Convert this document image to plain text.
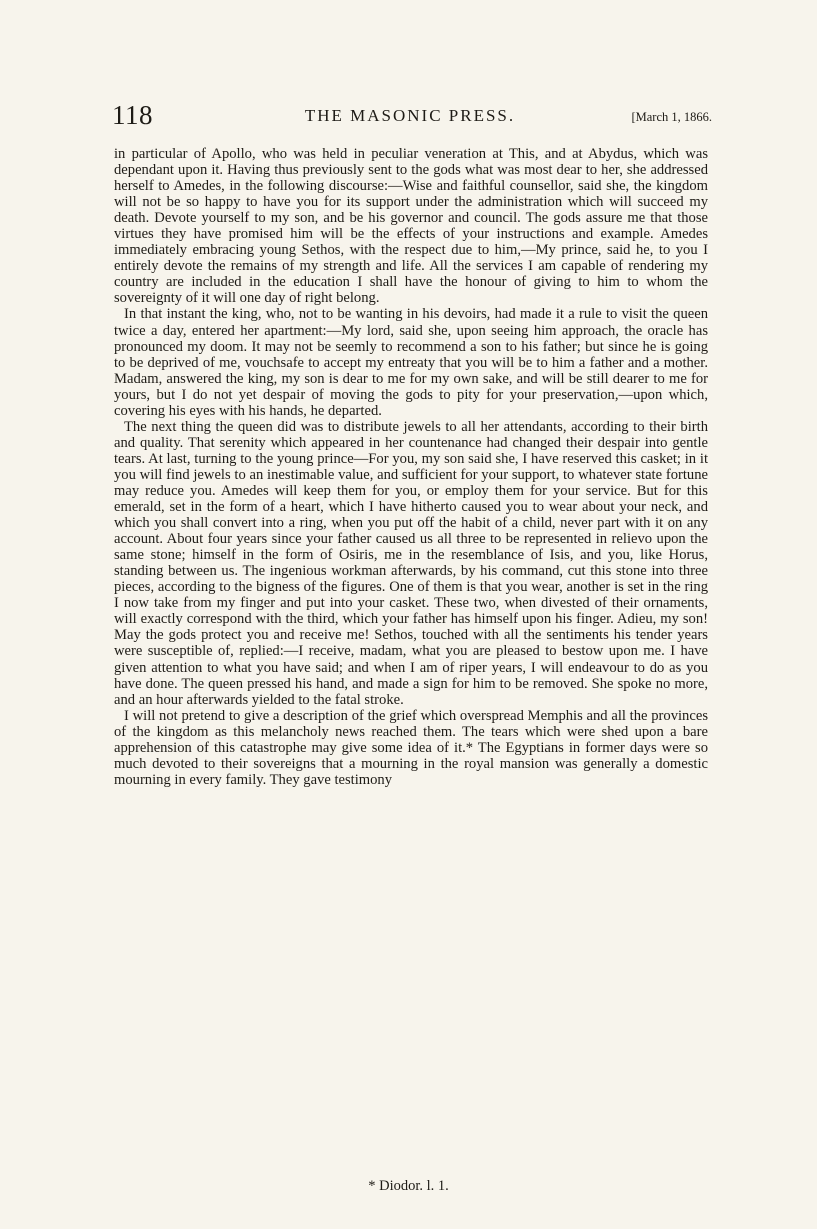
118	THE MASONIC PRESS.	[March 1, 1866.

in particular of Apollo, who was held in peculiar veneration at This, and at Abydus, which was dependant upon it. Having thus previously sent to the gods what was most dear to her, she addressed herself to Amedes, in the following discourse:—Wise and faithful counsellor, said she, the kingdom will not be so happy to have you for its support under the administration which will succeed my death. Devote yourself to my son, and be his governor and council. The gods assure me that those virtues they have promised him will be the effects of your instructions and example. Amedes immediately embracing young Sethos, with the respect due to him,—My prince, said he, to you I entirely devote the remains of my strength and life. All the services I am capable of rendering my country are included in the education I shall have the honour of giving to him to whom the sovereignty of it will one day of right belong.

In that instant the king, who, not to be wanting in his devoirs, had made it a rule to visit the queen twice a day, entered her apartment:—My lord, said she, upon seeing him approach, the oracle has pronounced my doom. It may not be seemly to recommend a son to his father; but since he is going to be deprived of me, vouchsafe to accept my entreaty that you will be to him a father and a mother. Madam, answered the king, my son is dear to me for my own sake, and will be still dearer to me for yours, but I do not yet despair of moving the gods to pity for your preservation,—upon which, covering his eyes with his hands, he departed.

The next thing the queen did was to distribute jewels to all her attendants, according to their birth and quality. That serenity which appeared in her countenance had changed their despair into gentle tears. At last, turning to the young prince—For you, my son said she, I have reserved this casket; in it you will find jewels to an inestimable value, and sufficient for your support, to whatever state fortune may reduce you. Amedes will keep them for you, or employ them for your service. But for this emerald, set in the form of a heart, which I have hitherto caused you to wear about your neck, and which you shall convert into a ring, when you put off the habit of a child, never part with it on any account. About four years since your father caused us all three to be represented in relievo upon the same stone; himself in the form of Osiris, me in the resemblance of Isis, and you, like Horus, standing between us. The ingenious workman afterwards, by his command, cut this stone into three pieces, according to the bigness of the figures. One of them is that you wear, another is set in the ring I now take from my finger and put into your casket. These two, when divested of their ornaments, will exactly correspond with the third, which your father has himself upon his finger. Adieu, my son! May the gods protect you and receive me! Sethos, touched with all the sentiments his tender years were susceptible of, replied:—I receive, madam, what you are pleased to bestow upon me. I have given attention to what you have said; and when I am of riper years, I will endeavour to do as you have done. The queen pressed his hand, and made a sign for him to be removed. She spoke no more, and an hour afterwards yielded to the fatal stroke.

I will not pretend to give a description of the grief which overspread Memphis and all the provinces of the kingdom as this melancholy news reached them. The tears which were shed upon a bare apprehension of this catastrophe may give some idea of it.* The Egyptians in former days were so much devoted to their sovereigns that a mourning in the royal mansion was generally a domestic mourning in every family. They gave testimony

* Diodor. l. 1.
